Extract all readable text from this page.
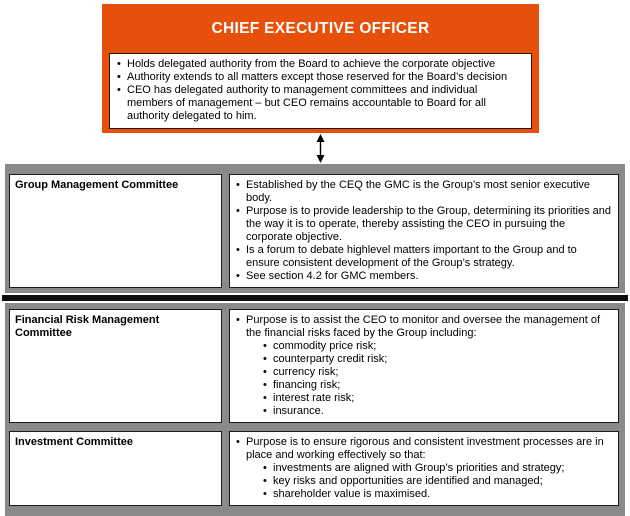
CHIEF EXECUTIVE OFFICER
• Holds delegated authority from the Board to achieve the corporate objective
• Authority extends to all matters except those reserved for the Board’s decision
• CEO has delegated authority to management committees and individual members of management – but CEO remains accountable to Board for all authority delegated to him.
Group Management Committee	• Established by the CEQ the GMC is the Group’s most senior executive body.
• Purpose is to provide leadership to the Group, determining its priorities and the way it is to operate, thereby assisting the CEO in pursuing the corporate objective.
• Is a forum to debate highlevel matters important to the Group and to ensure consistent development of the Group’s strategy.
• See section 4.2 for GMC members.
Financial Risk Management Committee
• Purpose is to assist the CEO to monitor and oversee the management of the financial risks faced by the Group including:
• commodity price risk;
• counterparty credit risk;
• currency risk;
• financing risk;
• interest rate risk;
• insurance.
Investment Committee	• Purpose is to ensure rigorous and consistent investment processes are in place and working effectively so that:
• investments are aligned with Group’s priorities and strategy;
• key risks and opportunities are identified and managed;
• shareholder value is maximised.
